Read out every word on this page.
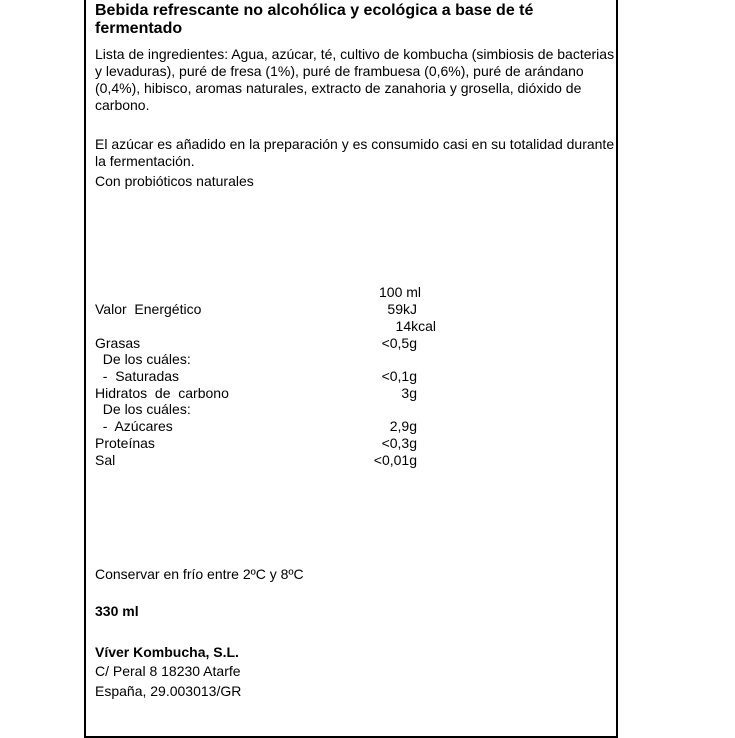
Bebida refrescante no alcohólica y ecológica a base de té fermentado
Lista de ingredientes: Agua, azúcar, té, cultivo de kombucha (simbiosis de bacterias y levaduras), puré de fresa (1%), puré de frambuesa (0,6%), puré de arándano (0,4%), hibisco, aromas naturales, extracto de zanahoria y grosella, dióxido de carbono.
El azúcar es añadido en la preparación y es consumido casi en su totalidad durante la fermentación.
Con probióticos naturales
100 ml
Valor  Energético	59kJ
14kcal
Grasas	<0,5g
De los cuáles:
-  Saturadas	<0,1g
Hidratos  de  carbono	3g
De los cuáles:
-  Azúcares	2,9g
Proteínas	<0,3g
Sal	<0,01g
Conservar en frío entre 2ºC y 8ºC
330 ml
Víver Kombucha, S.L.
C/ Peral 8 18230 Atarfe
España, 29.003013/GR
